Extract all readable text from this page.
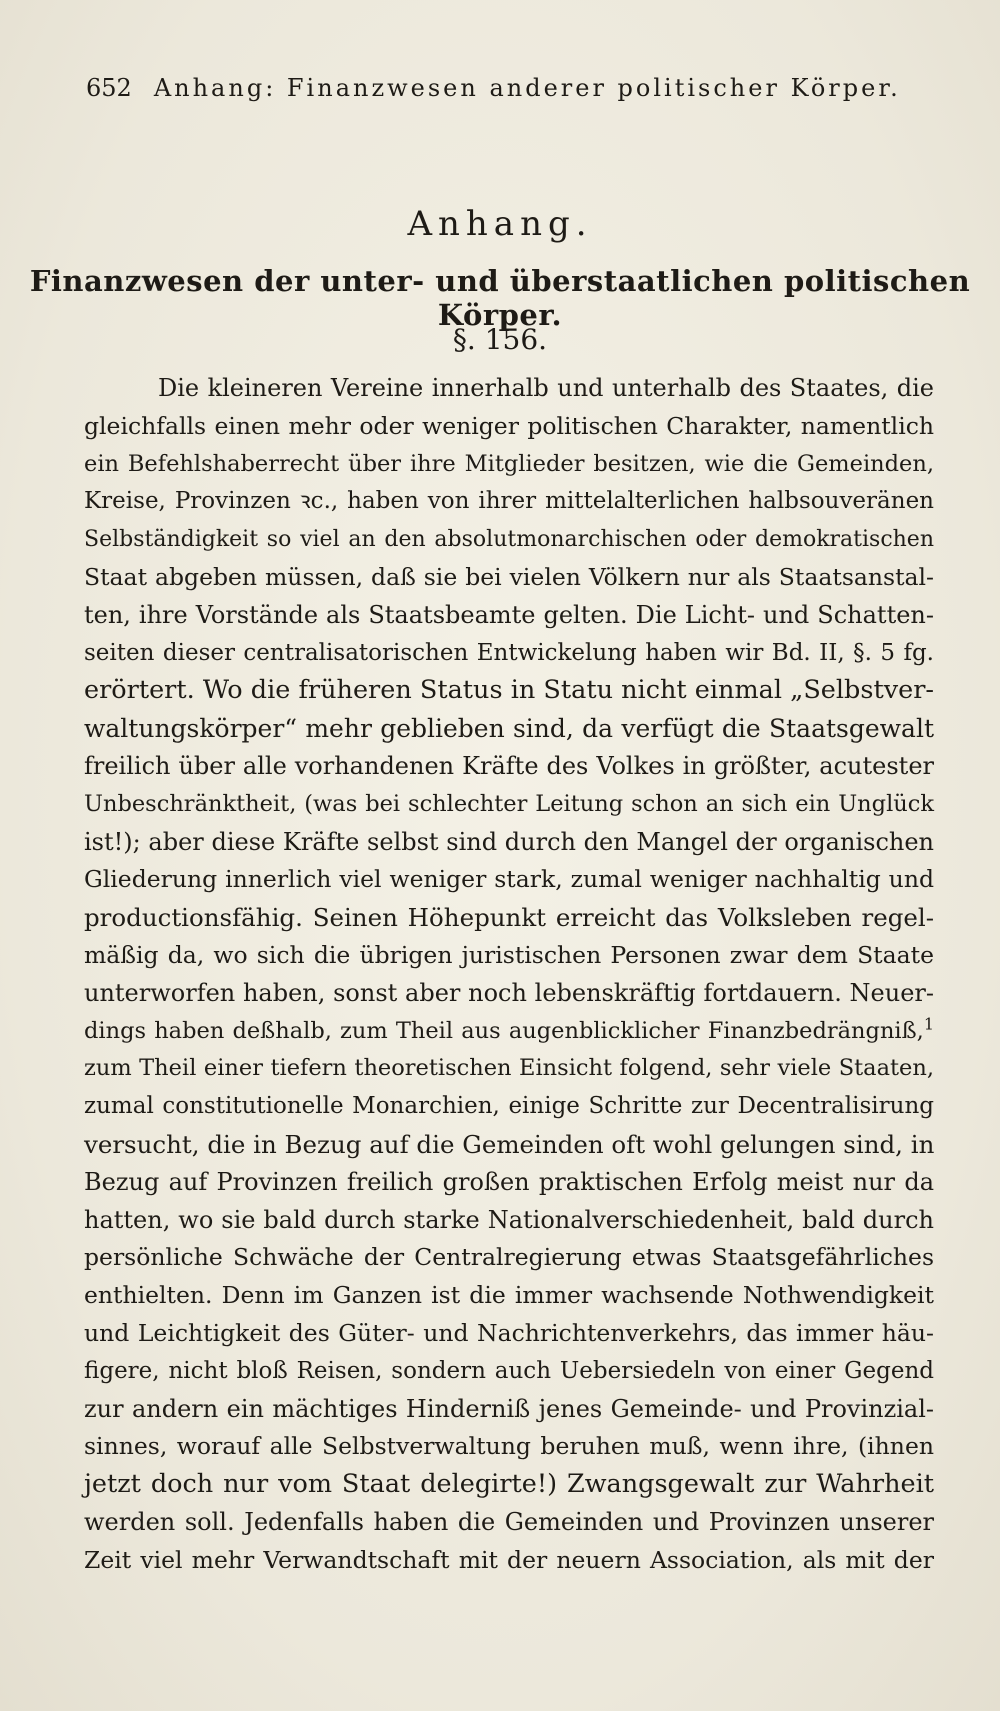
652 Anhang: Finanzwesen anderer politischer Körper.

Anhang.
Finanzwesen der unter- und überstaatlichen politischen Körper.
§. 156.
Die kleineren Vereine innerhalb und unterhalb des Staates, die
gleichfalls einen mehr oder weniger politischen Charakter, namentlich
ein Befehlshaberrecht über ihre Mitglieder besitzen, wie die Gemeinden,
Kreise, Provinzen ꝛc., haben von ihrer mittelalterlichen halbsouveränen
Selbständigkeit so viel an den absolutmonarchischen oder demokratischen
Staat abgeben müssen, daß sie bei vielen Völkern nur als Staatsanstal-
ten, ihre Vorstände als Staatsbeamte gelten. Die Licht- und Schatten-
seiten dieser centralisatorischen Entwickelung haben wir Bd. II, §. 5 fg.
erörtert. Wo die früheren Status in Statu nicht einmal „Selbstver-
waltungskörper“ mehr geblieben sind, da verfügt die Staatsgewalt
freilich über alle vorhandenen Kräfte des Volkes in größter, acutester
Unbeschränktheit, (was bei schlechter Leitung schon an sich ein Unglück
ist!); aber diese Kräfte selbst sind durch den Mangel der organischen
Gliederung innerlich viel weniger stark, zumal weniger nachhaltig und
productionsfähig. Seinen Höhepunkt erreicht das Volksleben regel-
mäßig da, wo sich die übrigen juristischen Personen zwar dem Staate
unterworfen haben, sonst aber noch lebenskräftig fortdauern. Neuer-
dings haben deßhalb, zum Theil aus augenblicklicher Finanzbedrängniß,$^1$
zum Theil einer tiefern theoretischen Einsicht folgend, sehr viele Staaten,
zumal constitutionelle Monarchien, einige Schritte zur Decentralisirung
versucht, die in Bezug auf die Gemeinden oft wohl gelungen sind, in
Bezug auf Provinzen freilich großen praktischen Erfolg meist nur da
hatten, wo sie bald durch starke Nationalverschiedenheit, bald durch
persönliche Schwäche der Centralregierung etwas Staatsgefährliches
enthielten. Denn im Ganzen ist die immer wachsende Nothwendigkeit
und Leichtigkeit des Güter- und Nachrichtenverkehrs, das immer häu-
figere, nicht bloß Reisen, sondern auch Uebersiedeln von einer Gegend
zur andern ein mächtiges Hinderniß jenes Gemeinde- und Provinzial-
sinnes, worauf alle Selbstverwaltung beruhen muß, wenn ihre, (ihnen
jetzt doch nur vom Staat delegirte!) Zwangsgewalt zur Wahrheit
werden soll. Jedenfalls haben die Gemeinden und Provinzen unserer
Zeit viel mehr Verwandtschaft mit der neuern Association, als mit der
